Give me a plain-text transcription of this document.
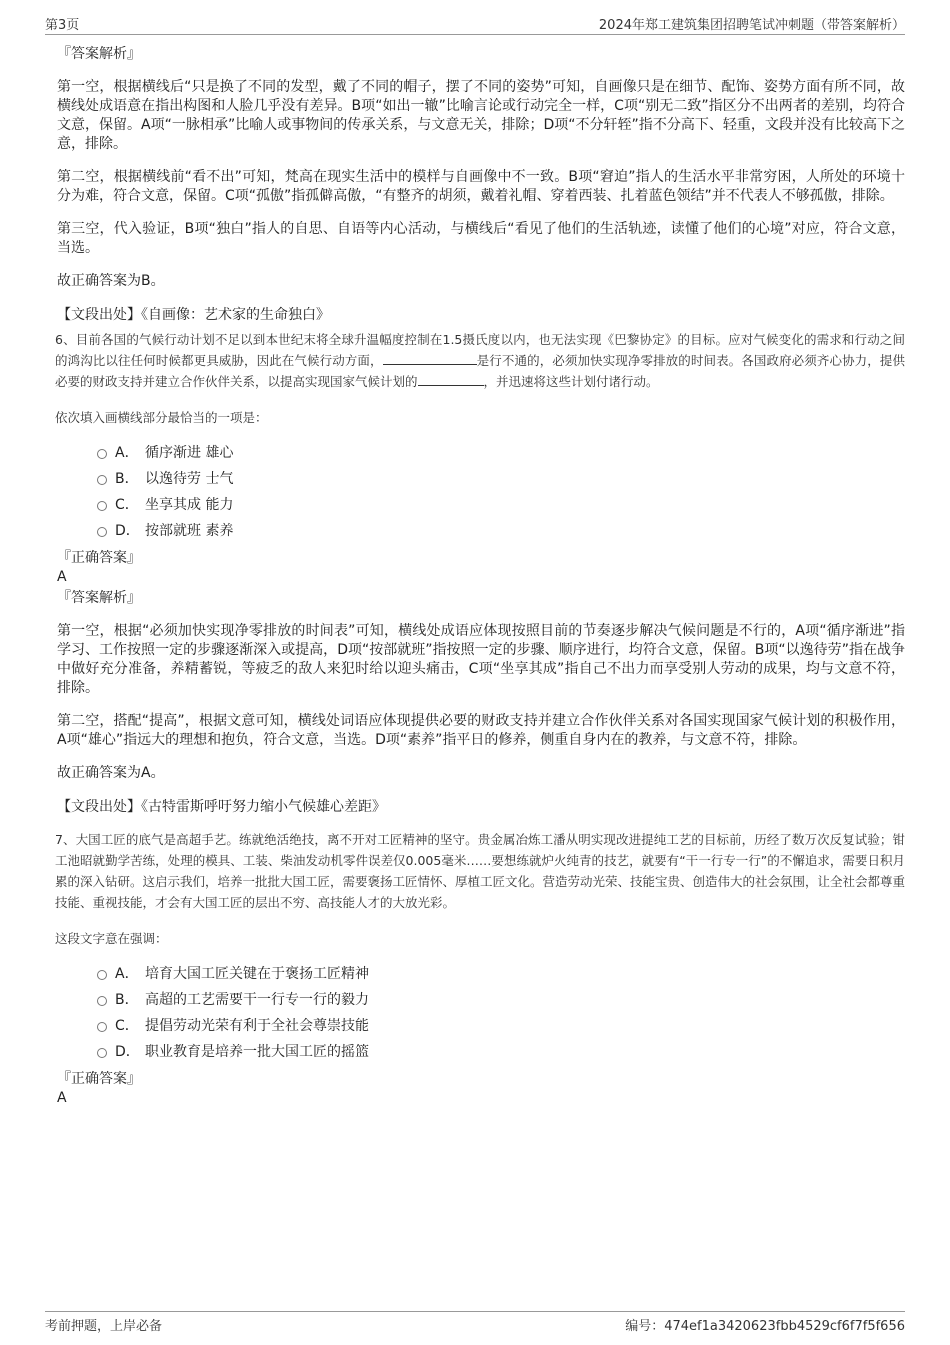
第3页	2024年郑工建筑集团招聘笔试冲刺题（带答案解析）
『答案解析』

第一空，根据横线后“只是换了不同的发型，戴了不同的帽子，摆了不同的姿势”可知，自画像只是在细节、配饰、姿势方面有所不同，故横线处成语意在指出构图和人脸几乎没有差异。B项“如出一辙”比喻言论或行动完全一样，C项“别无二致”指区分不出两者的差别，均符合文意，保留。A项“一脉相承”比喻人或事物间的传承关系，与文意无关，排除；D项“不分轩轾”指不分高下、轻重，文段并没有比较高下之意，排除。

第二空，根据横线前“看不出”可知，梵高在现实生活中的模样与自画像中不一致。B项“窘迫”指人的生活水平非常穷困，人所处的环境十分为难，符合文意，保留。C项“孤傲”指孤僻高傲，“有整齐的胡须，戴着礼帽、穿着西装、扎着蓝色领结”并不代表人不够孤傲，排除。

第三空，代入验证，B项“独白”指人的自思、自语等内心活动，与横线后“看见了他们的生活轨迹，读懂了他们的心境”对应，符合文意，当选。

故正确答案为B。

【文段出处】《自画像：艺术家的生命独白》
6、目前各国的气候行动计划不足以到本世纪末将全球升温幅度控制在1.5摄氏度以内，也无法实现《巴黎协定》的目标。应对气候变化的需求和行动之间的鸿沟比以往任何时候都更具威胁，因此在气候行动方面，	是行不通的，必须加快实现净零排放的时间表。各国政府必须齐心协力，提供必要的财政支持并建立合作伙伴关系，以提高实现国家气候计划的	，并迅速将这些计划付诸行动。
依次填入画横线部分最恰当的一项是：
A． 循序渐进 雄心
B． 以逸待劳 士气
C． 坐享其成 能力
D． 按部就班 素养
『正确答案』
A
『答案解析』

第一空，根据“必须加快实现净零排放的时间表”可知，横线处成语应体现按照目前的节奏逐步解决气候问题是不行的，A项“循序渐进”指学习、工作按照一定的步骤逐渐深入或提高，D项“按部就班”指按照一定的步骤、顺序进行，均符合文意，保留。B项“以逸待劳”指在战争中做好充分准备，养精蓄锐，等疲乏的敌人来犯时给以迎头痛击，C项“坐享其成”指自己不出力而享受别人劳动的成果，均与文意不符，排除。

第二空，搭配“提高”，根据文意可知，横线处词语应体现提供必要的财政支持并建立合作伙伴关系对各国实现国家气候计划的积极作用，A项“雄心”指远大的理想和抱负，符合文意，当选。D项“素养”指平日的修养，侧重自身内在的教养，与文意不符，排除。

故正确答案为A。

【文段出处】《古特雷斯呼吁努力缩小气候雄心差距》
7、大国工匠的底气是高超手艺。练就绝活绝技，离不开对工匠精神的坚守。贵金属冶炼工潘从明实现改进提纯工艺的目标前，历经了数万次反复试验；钳工池昭就勤学苦练，处理的模具、工装、柴油发动机零件误差仅0.005毫米……要想练就炉火纯青的技艺，就要有“干一行专一行”的不懈追求，需要日积月累的深入钻研。这启示我们，培养一批批大国工匠，需要褒扬工匠情怀、厚植工匠文化。营造劳动光荣、技能宝贵、创造伟大的社会氛围，让全社会都尊重技能、重视技能，才会有大国工匠的层出不穷、高技能人才的大放光彩。
这段文字意在强调：
A． 培育大国工匠关键在于褒扬工匠精神
B． 高超的工艺需要干一行专一行的毅力
C． 提倡劳动光荣有利于全社会尊崇技能
D． 职业教育是培养一批大国工匠的摇篮
『正确答案』
A
考前押题，上岸必备	编号：474ef1a3420623fbb4529cf6f7f5f656
